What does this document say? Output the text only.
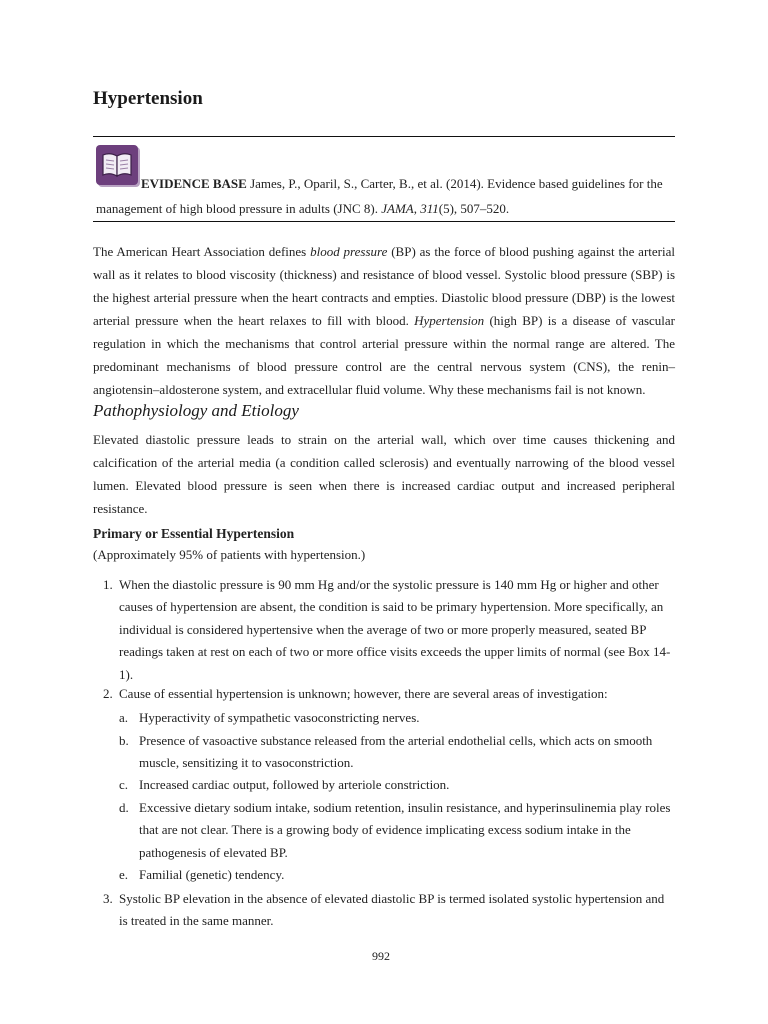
Hypertension

EVIDENCE BASE James, P., Oparil, S., Carter, B., et al. (2014). Evidence based guidelines for the management of high blood pressure in adults (JNC 8). JAMA, 311(5), 507–520.

The American Heart Association defines blood pressure (BP) as the force of blood pushing against the arterial wall as it relates to blood viscosity (thickness) and resistance of blood vessel. Systolic blood pressure (SBP) is the highest arterial pressure when the heart contracts and empties. Diastolic blood pressure (DBP) is the lowest arterial pressure when the heart relaxes to fill with blood. Hypertension (high BP) is a disease of vascular regulation in which the mechanisms that control arterial pressure within the normal range are altered. The predominant mechanisms of blood pressure control are the central nervous system (CNS), the renin–angiotensin–aldosterone system, and extracellular fluid volume. Why these mechanisms fail is not known.

Pathophysiology and Etiology

Elevated diastolic pressure leads to strain on the arterial wall, which over time causes thickening and calcification of the arterial media (a condition called sclerosis) and eventually narrowing of the blood vessel lumen. Elevated blood pressure is seen when there is increased cardiac output and increased peripheral resistance.

Primary or Essential Hypertension

(Approximately 95% of patients with hypertension.)

1. When the diastolic pressure is 90 mm Hg and/or the systolic pressure is 140 mm Hg or higher and other causes of hypertension are absent, the condition is said to be primary hypertension. More specifically, an individual is considered hypertensive when the average of two or more properly measured, seated BP readings taken at rest on each of two or more office visits exceeds the upper limits of normal (see Box 14-1).
2. Cause of essential hypertension is unknown; however, there are several areas of investigation:
a. Hyperactivity of sympathetic vasoconstricting nerves.
b. Presence of vasoactive substance released from the arterial endothelial cells, which acts on smooth muscle, sensitizing it to vasoconstriction.
c. Increased cardiac output, followed by arteriole constriction.
d. Excessive dietary sodium intake, sodium retention, insulin resistance, and hyperinsulinemia play roles that are not clear. There is a growing body of evidence implicating excess sodium intake in the pathogenesis of elevated BP.
e. Familial (genetic) tendency.
3. Systolic BP elevation in the absence of elevated diastolic BP is termed isolated systolic hypertension and is treated in the same manner.

992
